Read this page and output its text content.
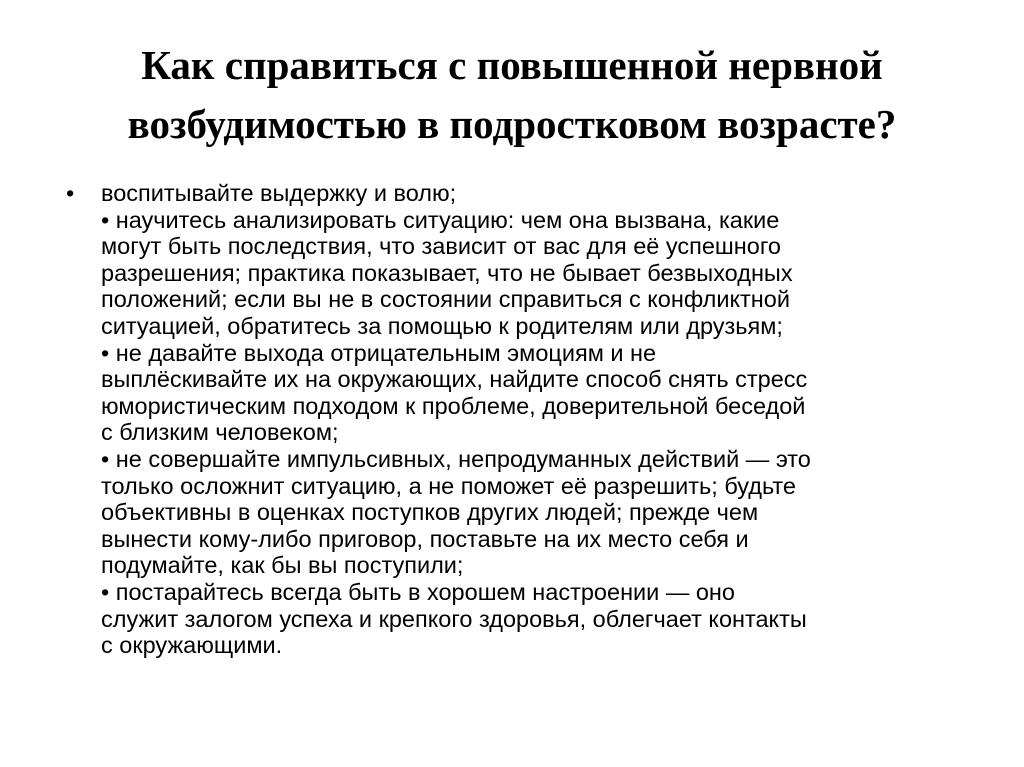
Как справиться с повышенной нервной
возбудимостью в подростковом возрасте?
• воспитывайте выдержку и волю;
• научитесь анализировать ситуацию: чем она вызвана, какие
могут быть последствия, что зависит от вас для её успешного
разрешения; практика показывает, что не бывает безвыходных
положений; если вы не в состоянии справиться с конфликтной
ситуацией, обратитесь за помощью к родителям или друзьям;
• не давайте выхода отрицательным эмоциям и не
выплёскивайте их на окружающих, найдите способ снять стресс
юмористическим подходом к проблеме, доверительной беседой
с близким человеком;
• не совершайте импульсивных, непродуманных действий — это
только осложнит ситуацию, а не поможет её разрешить; будьте
объективны в оценках поступков других людей; прежде чем
вынести кому-либо приговор, поставьте на их место себя и
подумайте, как бы вы поступили;
• постарайтесь всегда быть в хорошем настроении — оно
служит залогом успеха и крепкого здоровья, облегчает контакты
с окружающими.
